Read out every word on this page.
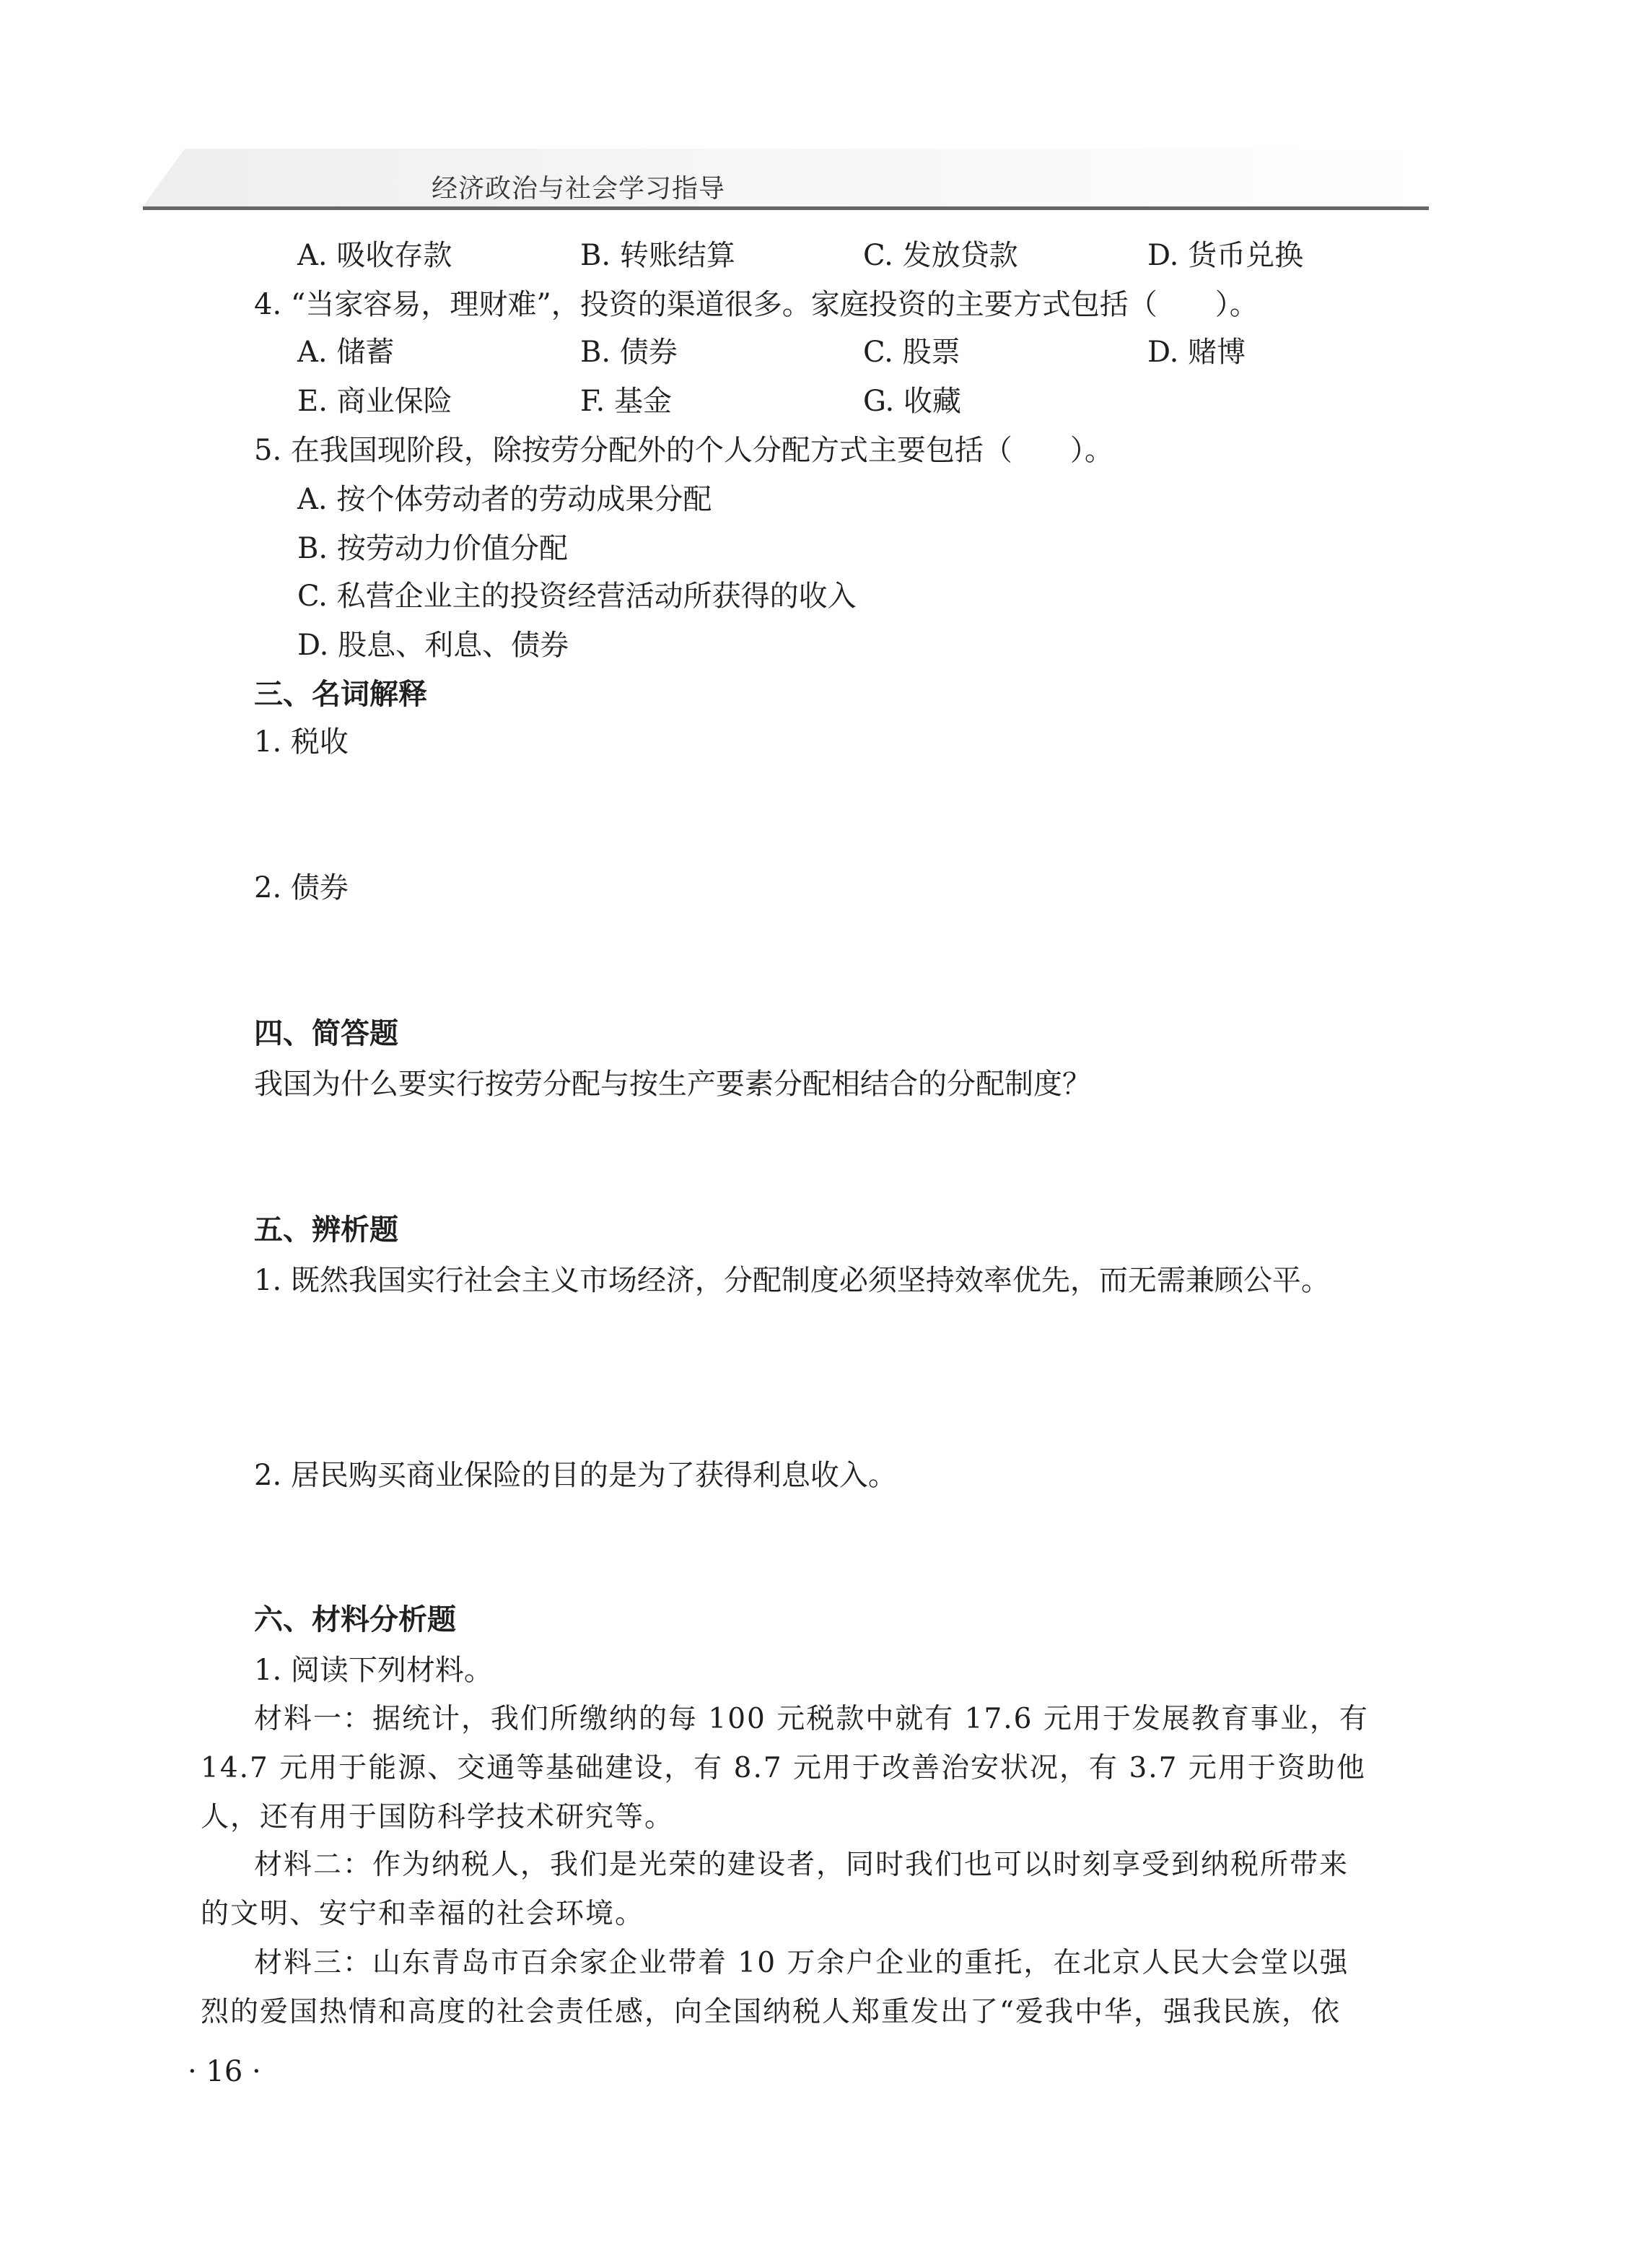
经济政治与社会学习指导
A. 吸收存款	B. 转账结算	C. 发放贷款	D. 货币兑换
4. “当家容易，理财难”，投资的渠道很多。家庭投资的主要方式包括（　　）。
A. 储蓄	B. 债券	C. 股票	D. 赌博
E. 商业保险	F. 基金	G. 收藏
5. 在我国现阶段，除按劳分配外的个人分配方式主要包括（　　）。
A. 按个体劳动者的劳动成果分配
B. 按劳动力价值分配
C. 私营企业主的投资经营活动所获得的收入
D. 股息、利息、债券
三、名词解释
1. 税收
2. 债券
四、简答题
我国为什么要实行按劳分配与按生产要素分配相结合的分配制度？
五、辨析题
1. 既然我国实行社会主义市场经济，分配制度必须坚持效率优先，而无需兼顾公平。
2. 居民购买商业保险的目的是为了获得利息收入。
六、材料分析题
1. 阅读下列材料。
材料一：据统计，我们所缴纳的每 100 元税款中就有 17.6 元用于发展教育事业，有
14.7 元用于能源、交通等基础建设，有 8.7 元用于改善治安状况，有 3.7 元用于资助他
人，还有用于国防科学技术研究等。
材料二：作为纳税人，我们是光荣的建设者，同时我们也可以时刻享受到纳税所带来
的文明、安宁和幸福的社会环境。
材料三：山东青岛市百余家企业带着 10 万余户企业的重托，在北京人民大会堂以强
烈的爱国热情和高度的社会责任感，向全国纳税人郑重发出了“爱我中华，强我民族，依
· 16 ·
